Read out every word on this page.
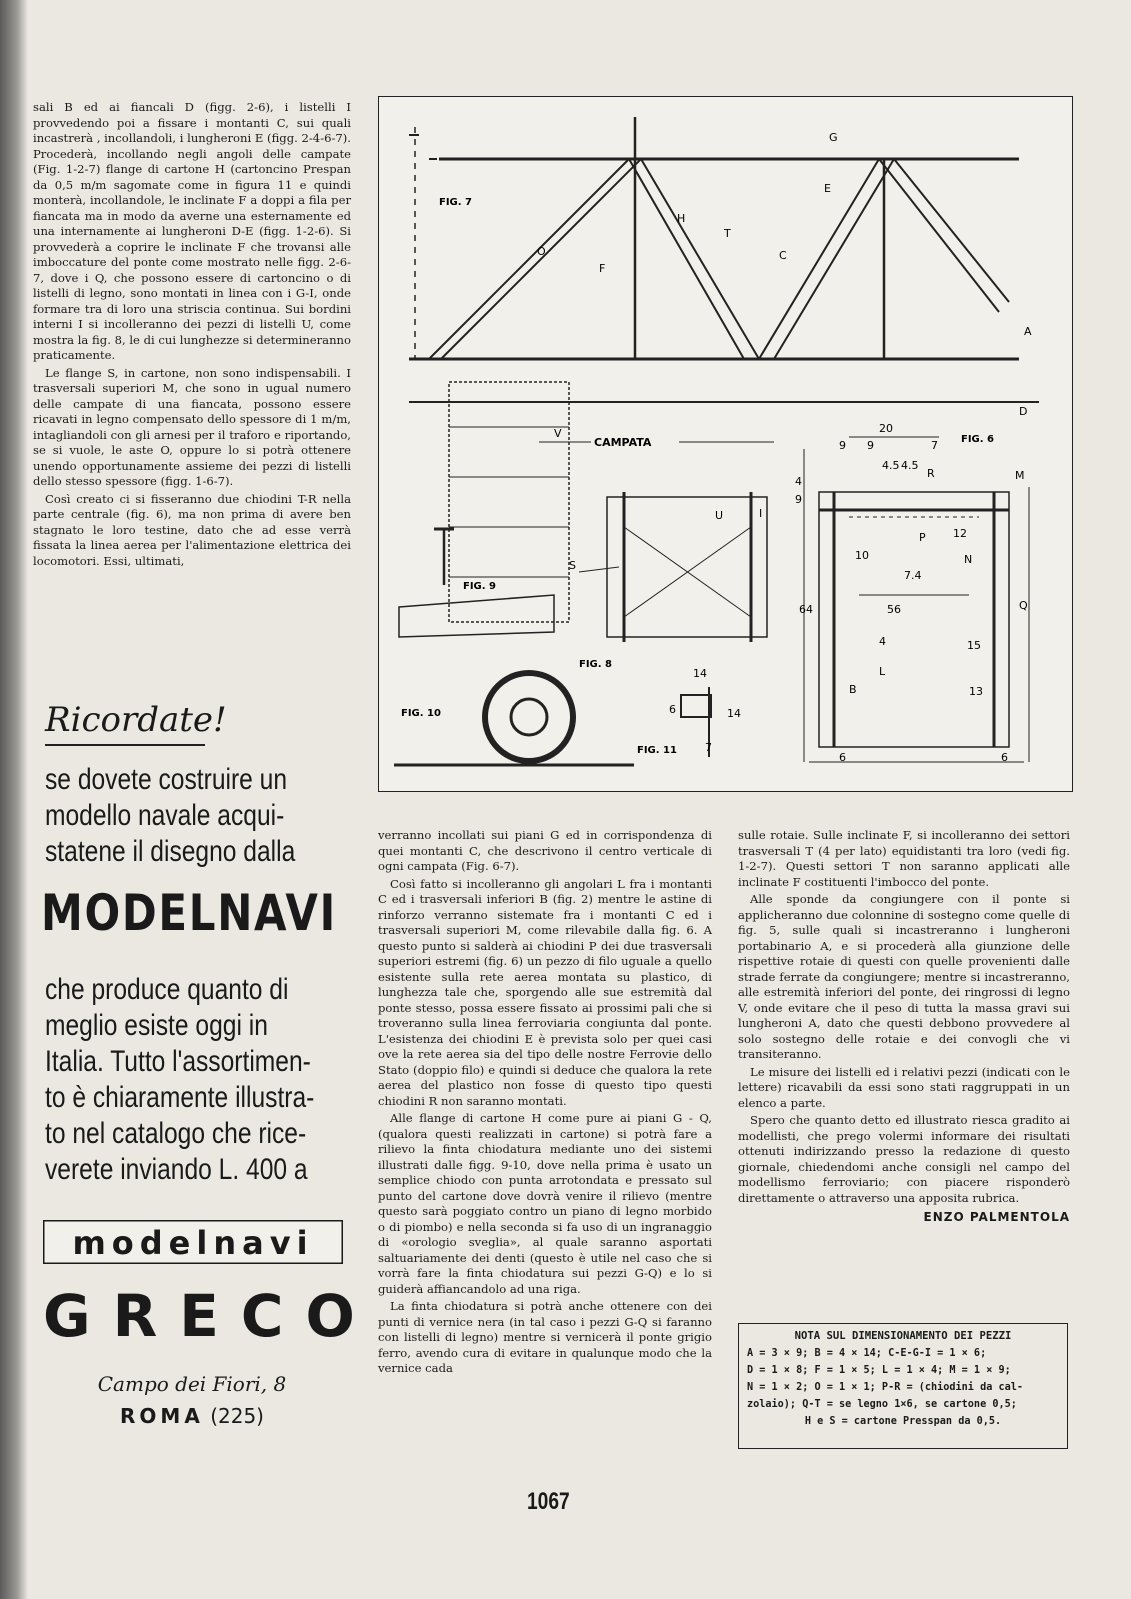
sali B ed ai fiancali D (figg. 2-6), i listelli I provvedendo poi a fissare i montanti C, sui quali incastrerà , incollandoli, i lungheroni E (figg. 2-4-6-7). Procederà, incollando negli angoli delle campate (Fig. 1-2-7) flange di cartone H (cartoncino Prespan da 0,5 m/m sagomate come in figura 11 e quindi monterà, incollandole, le inclinate F a doppi a fila per fiancata ma in modo da averne una esternamente ed una internamente ai lungheroni D-E (figg. 1-2-6). Si provvederà a coprire le inclinate F che trovansi alle imboccature del ponte come mostrato nelle figg. 2-6-7, dove i Q, che possono essere di cartoncino o di listelli di legno, sono montati in linea con i G-I, onde formare tra di loro una striscia continua. Sui bordini interni I si incolleranno dei pezzi di listelli U, come mostra la fig. 8, le di cui lunghezze si determineranno praticamente.

Le flange S, in cartone, non sono indispensabili. I trasversali superiori M, che sono in ugual numero delle campate di una fiancata, possono essere ricavati in legno compensato dello spessore di 1 m/m, intagliandoli con gli arnesi per il traforo e riportando, se si vuole, le aste O, oppure lo si potrà ottenere unendo opportunamente assieme dei pezzi di listelli dello stesso spessore (figg. 1-6-7).

Così creato ci si fisseranno due chiodini T-R nella parte centrale (fig. 6), ma non prima di avere ben stagnato le loro testine, dato che ad esse verrà fissata la linea aerea per l'alimentazione elettrica dei locomotori. Essi, ultimati,

FIG. 7
FIG. 6
FIG. 9
FIG. 8
FIG. 10
FIG. 11
CAMPATA
20
9 9	7
4.5 4.5
4
9
10
7.4
56
64
4	15
13
12
6	6
14
6	14
7
G
E
H
T
F
C
O
A
D
V
M
R
Q
N
P
L
B
I
S
U
Ricordate!
se dovete costruire un
modello navale acqui-
statene il disegno dalla
MODELNAVI
che produce quanto di
meglio esiste oggi in
Italia. Tutto l'assortimen-
to è chiaramente illustra-
to nel catalogo che rice-
verete inviando L. 400 a
modelnavi
GRECO
Campo dei Fiori, 8
ROMA (225)

verranno incollati sui piani G ed in corrispondenza di quei montanti C, che descrivono il centro verticale di ogni campata (Fig. 6-7).

Così fatto si incolleranno gli angolari L fra i montanti C ed i trasversali inferiori B (fig. 2) mentre le astine di rinforzo verranno sistemate fra i montanti C ed i trasversali superiori M, come rilevabile dalla fig. 6. A questo punto si salderà ai chiodini P dei due trasversali superiori estremi (fig. 6) un pezzo di filo uguale a quello esistente sulla rete aerea montata su plastico, di lunghezza tale che, sporgendo alle sue estremità dal ponte stesso, possa essere fissato ai prossimi pali che si troveranno sulla linea ferroviaria congiunta dal ponte. L'esistenza dei chiodini E è prevista solo per quei casi ove la rete aerea sia del tipo delle nostre Ferrovie dello Stato (doppio filo) e quindi si deduce che qualora la rete aerea del plastico non fosse di questo tipo questi chiodini R non saranno montati.

Alle flange di cartone H come pure ai piani G - Q, (qualora questi realizzati in cartone) si potrà fare a rilievo la finta chiodatura mediante uno dei sistemi illustrati dalle figg. 9-10, dove nella prima è usato un semplice chiodo con punta arrotondata e pressato sul punto del cartone dove dovrà venire il rilievo (mentre questo sarà poggiato contro un piano di legno morbido o di piombo) e nella seconda si fa uso di un ingranaggio di «orologio sveglia», al quale saranno asportati saltuariamente dei denti (questo è utile nel caso che si vorrà fare la finta chiodatura sui pezzi G-Q) e lo si guiderà affiancandolo ad una riga.

La finta chiodatura si potrà anche ottenere con dei punti di vernice nera (in tal caso i pezzi G-Q si faranno con listelli di legno) mentre si vernicerà il ponte grigio ferro, avendo cura di evitare in qualunque modo che la vernice cada

sulle rotaie. Sulle inclinate F, si incolleranno dei settori trasversali T (4 per lato) equidistanti tra loro (vedi fig. 1-2-7). Questi settori T non saranno applicati alle inclinate F costituenti l'imbocco del ponte.

Alle sponde da congiungere con il ponte si applicheranno due colonnine di sostegno come quelle di fig. 5, sulle quali si incastreranno i lungheroni portabinario A, e si procederà alla giunzione delle rispettive rotaie di questi con quelle provenienti dalle strade ferrate da congiungere; mentre si incastreranno, alle estremità inferiori del ponte, dei ringrossi di legno V, onde evitare che il peso di tutta la massa gravi sui lungheroni A, dato che questi debbono provvedere al solo sostegno delle rotaie e dei convogli che vi transiteranno.

Le misure dei listelli ed i relativi pezzi (indicati con le lettere) ricavabili da essi sono stati raggruppati in un elenco a parte.

Spero che quanto detto ed illustrato riesca gradito ai modellisti, che prego volermi informare dei risultati ottenuti indirizzando presso la redazione di questo giornale, chiedendomi anche consigli nel campo del modellismo ferroviario; con piacere risponderò direttamente o attraverso una apposita rubrica.

ENZO PALMENTOLA
NOTA SUL DIMENSIONAMENTO DEI PEZZI
A = 3 × 9; B = 4 × 14; C-E-G-I = 1 × 6;
D = 1 × 8; F = 1 × 5; L = 1 × 4; M = 1 × 9;
N = 1 × 2; O = 1 × 1; P-R = (chiodini da cal-
zolaio); Q-T = se legno 1×6, se cartone 0,5;
H e S = cartone Presspan da 0,5.
1067
